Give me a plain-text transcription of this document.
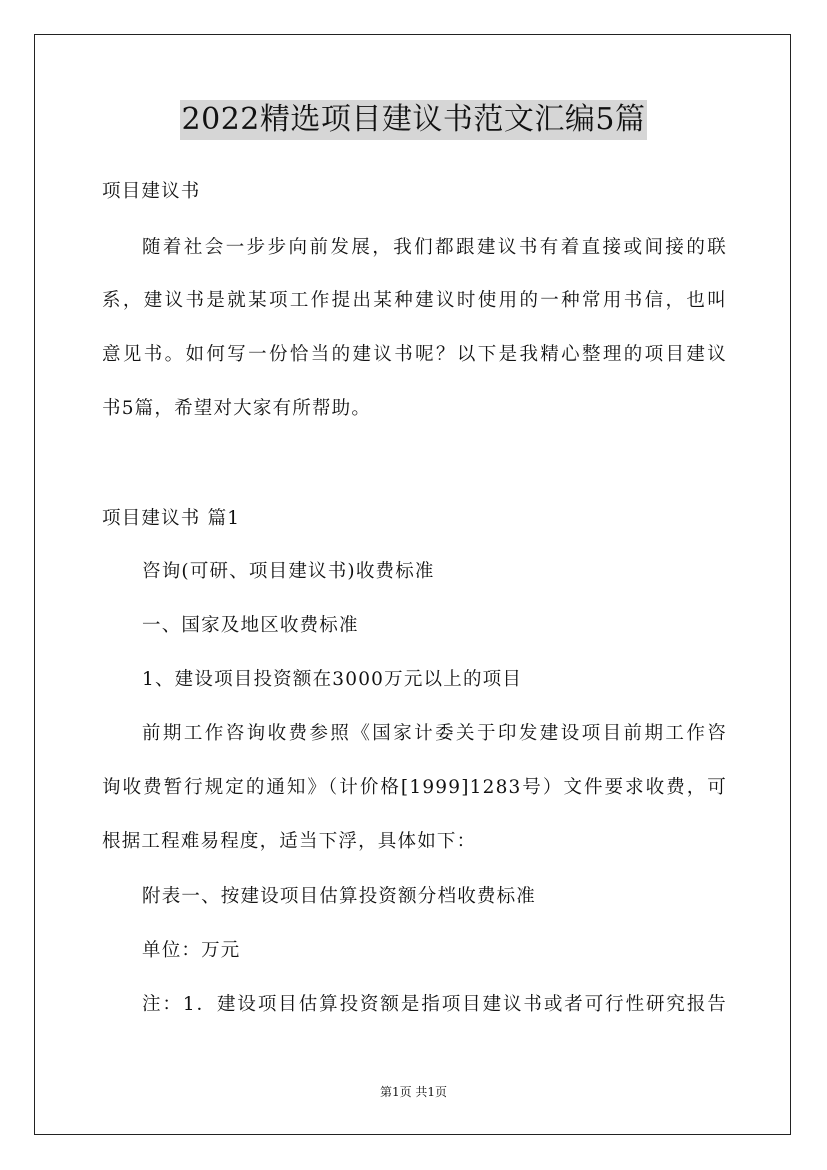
2022精选项目建议书范文汇编5篇
项目建议书
随着社会一步步向前发展，我们都跟建议书有着直接或间接的联
系，建议书是就某项工作提出某种建议时使用的一种常用书信，也叫
意见书。如何写一份恰当的建议书呢？以下是我精心整理的项目建议
书5篇，希望对大家有所帮助。
项目建议书 篇1
咨询(可研、项目建议书)收费标准
一、国家及地区收费标准
1、建设项目投资额在3000万元以上的项目
前期工作咨询收费参照《国家计委关于印发建设项目前期工作咨
询收费暂行规定的通知》（计价格[1999]1283号）文件要求收费，可
根据工程难易程度，适当下浮，具体如下：
附表一、按建设项目估算投资额分档收费标准
单位：万元
注：1．建设项目估算投资额是指项目建议书或者可行性研究报告
第1页 共1页
